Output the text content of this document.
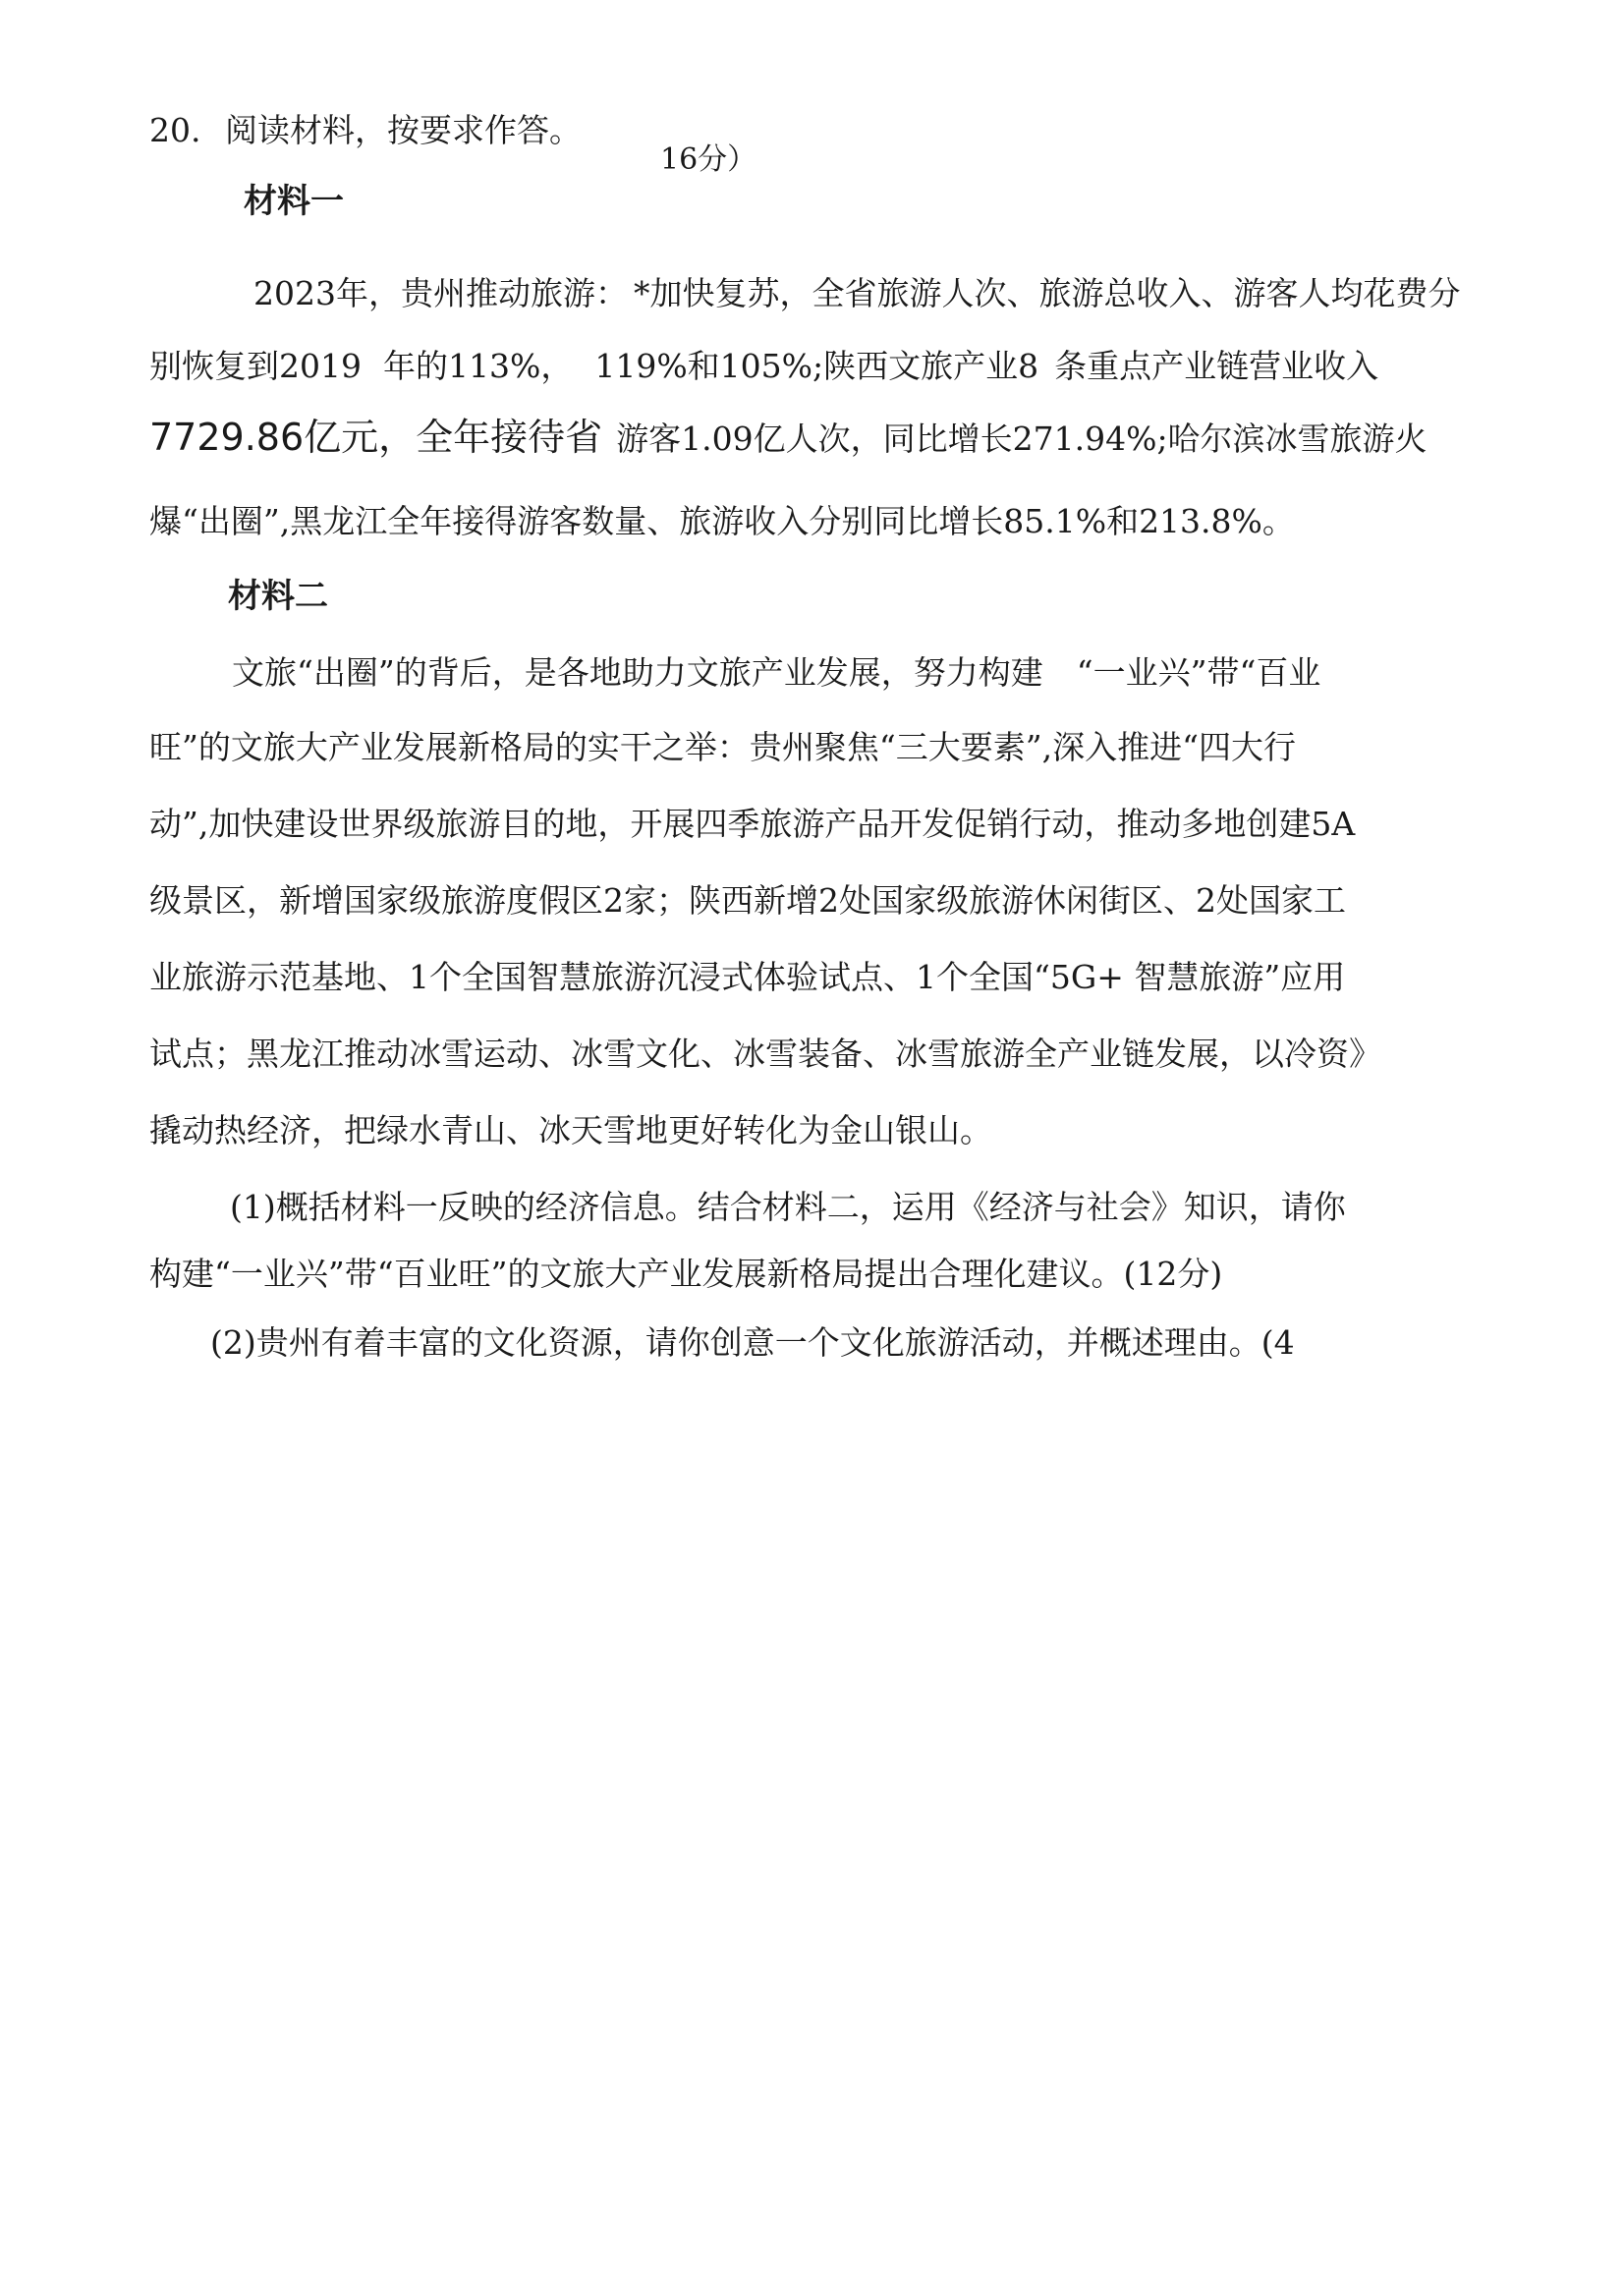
20. 阅读材料，按要求作答。
16分）
材料一
2023年，贵州推动旅游： *加快复苏，全省旅游人次、旅游总收入、游客人均花费分
别恢复到2019 年的113%， 119%和105%;陕西文旅产业8 条重点产业链营业收入
7729.86亿元，全年接待省 游客1.09亿人次，同比增长271.94%;哈尔滨冰雪旅游火
爆“出圈”,黑龙江全年接得游客数量、旅游收入分别同比增长85.1%和213.8%。
材料二
文旅“出圈”的背后，是各地助力文旅产业发展，努力构建 “一业兴”带“百业
旺”的文旅大产业发展新格局的实干之举：贵州聚焦“三大要素”,深入推进“四大行
动”,加快建设世界级旅游目的地，开展四季旅游产品开发促销行动，推动多地创建5A
级景区，新增国家级旅游度假区2家；陕西新增2处国家级旅游休闲街区、2处国家工
业旅游示范基地、1个全国智慧旅游沉浸式体验试点、1个全国“5G+ 智慧旅游”应用
试点；黑龙江推动冰雪运动、冰雪文化、冰雪装备、冰雪旅游全产业链发展，以冷资》
撬动热经济，把绿水青山、冰天雪地更好转化为金山银山。
(1)概括材料一反映的经济信息。结合材料二，运用《经济与社会》知识，请你
构建“一业兴”带“百业旺”的文旅大产业发展新格局提出合理化建议。(12分)
(2)贵州有着丰富的文化资源，请你创意一个文化旅游活动，并概述理由。(4
